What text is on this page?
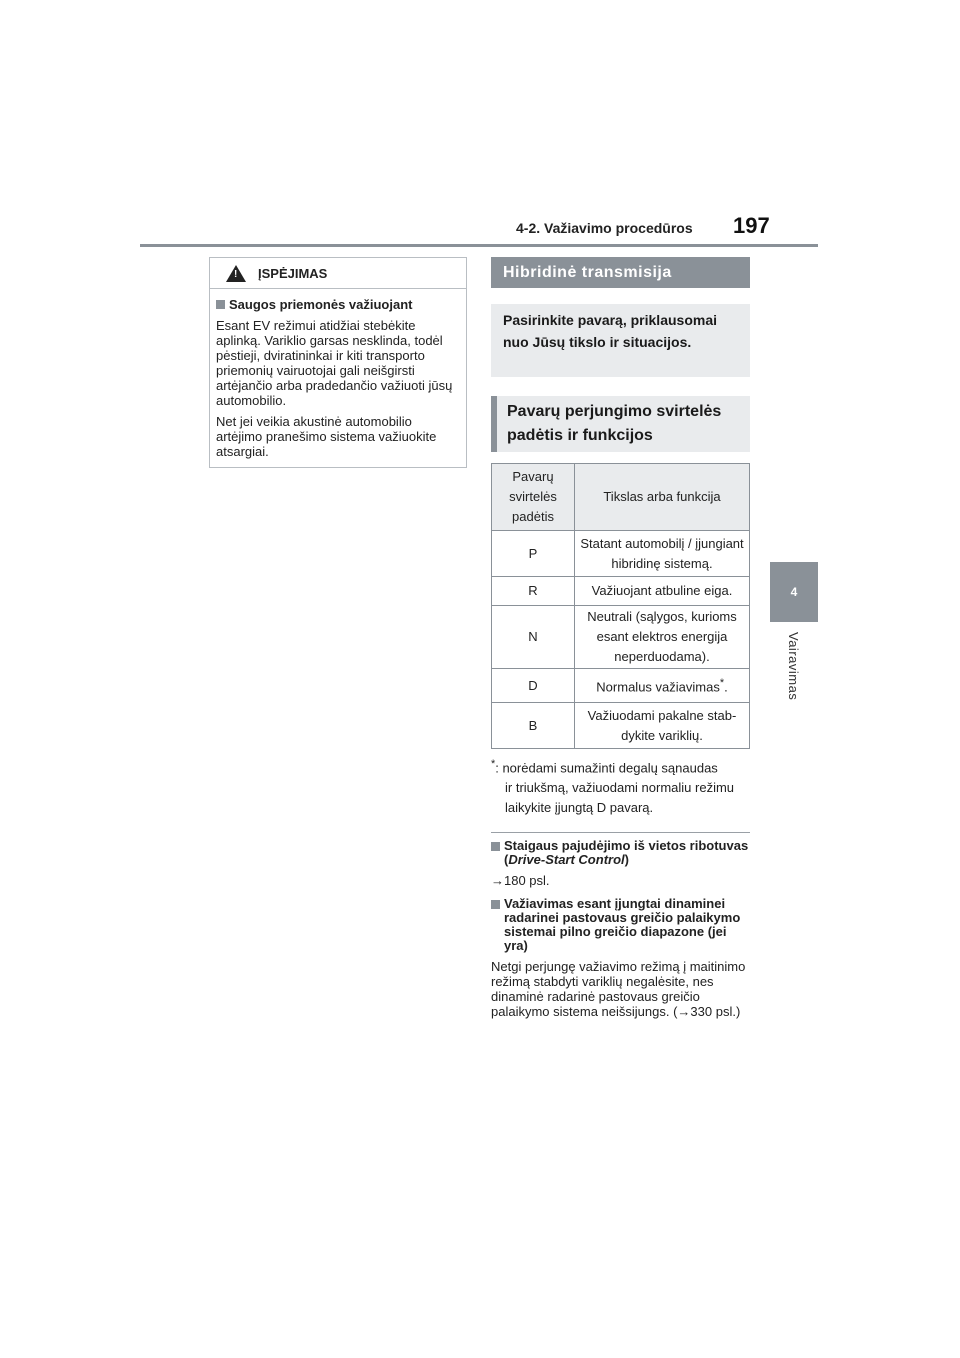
4-2. Važiavimo procedūros 197
4
Vairavimas
! ĮSPĖJIMAS
Saugos priemonės važiuojant

Esant EV režimui atidžiai stebėkite aplinką. Variklio garsas nesklinda, todėl pėstieji, dviratininkai ir kiti transporto priemonių vairuotojai gali neišgirsti artėjančio arba pradedančio važiuoti jūsų automobilio.

Net jei veikia akustinė automobilio artėjimo pranešimo sistema važiuokite atsargiai.

Hibridinė transmisija
Pasirinkite pavarą, priklausomai nuo Jūsų tikslo ir situacijos.
Pavarų perjungimo svirtelės padėtis ir funkcijos
Pavarų svirtelės padėtis	Tikslas arba funkcija
P	Statant automobilį / įjungiant hibridinę sistemą.
R	Važiuojant atbuline eiga.
N	Neutrali (sąlygos, kurioms esant elektros energija neperduodama).
D	Normalus važiavimas*.
B	Važiuodami pakalne stabdykite variklių.
*: norėdami sumažinti degalų sąnaudas
ir triukšmą, važiuodami normaliu režimu laikykite įjungtą D pavarą.
Staigaus pajudėjimo iš vietos ribotuvas (Drive-Start Control)

→180 psl.

Važiavimas esant įjungtai dinaminei radarinei pastovaus greičio palaikymo sistemai pilno greičio diapazone (jei yra)

Netgi perjungę važiavimo režimą į maitinimo režimą stabdyti variklių negalėsite, nes dinaminė radarinė pastovaus greičio palaikymo sistema neišsijungs. (→330 psl.)
